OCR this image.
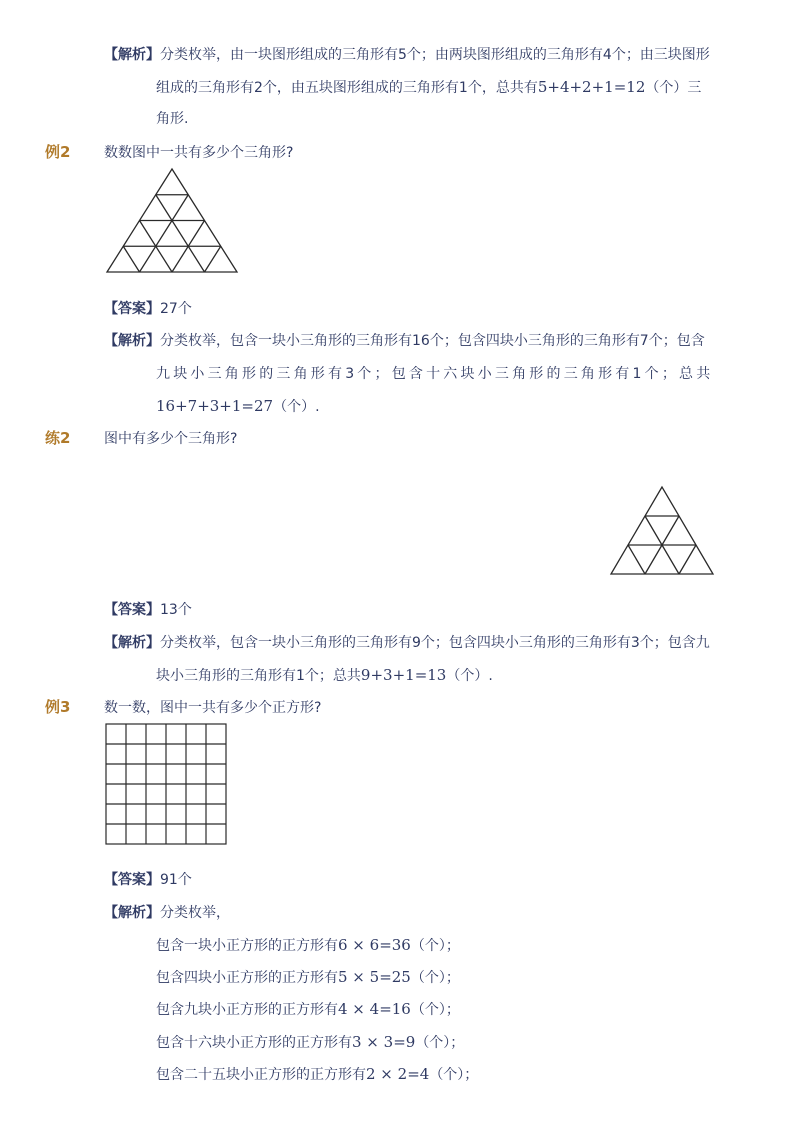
【解析】分类枚举，由一块图形组成的三角形有5个；由两块图形组成的三角形有4个；由三块图形
组成的三角形有2个，由五块图形组成的三角形有1个，总共有5+4+2+1=12（个）三
角形.
例2 数数图中一共有多少个三角形?
【答案】27个
【解析】分类枚举，包含一块小三角形的三角形有16个；包含四块小三角形的三角形有7个；包含
九块小三角形的三角形有3个；包含十六块小三角形的三角形有1个；总共
16+7+3+1=27（个）.
练2 图中有多少个三角形?
【答案】13个
【解析】分类枚举，包含一块小三角形的三角形有9个；包含四块小三角形的三角形有3个；包含九
块小三角形的三角形有1个；总共9+3+1=13（个）.
例3 数一数，图中一共有多少个正方形?
【答案】91个
【解析】分类枚举，
包含一块小正方形的正方形有6 × 6=36（个）；
包含四块小正方形的正方形有5 × 5=25（个）；
包含九块小正方形的正方形有4 × 4=16（个）；
包含十六块小正方形的正方形有3 × 3=9（个）；
包含二十五块小正方形的正方形有2 × 2=4（个）；
